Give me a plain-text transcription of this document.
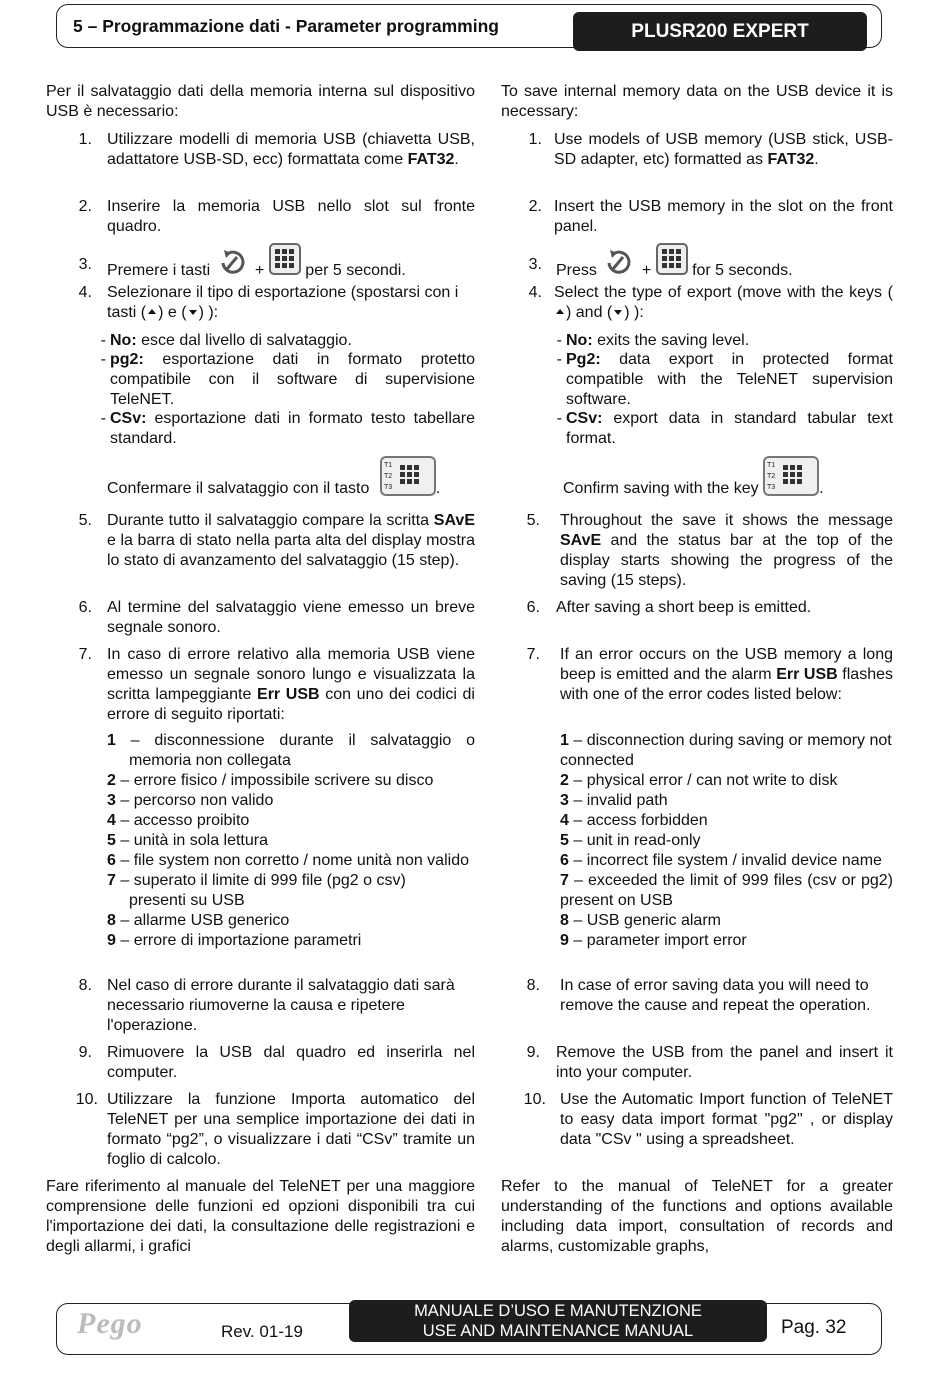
5 – Programmazione dati - Parameter programming	PLUSR200 EXPERT

Per il salvataggio dati della memoria interna sul dispositivo USB è necessario:

1. Utilizzare modelli di memoria USB (chiavetta USB, adattatore USB-SD, ecc) formattata come FAT32.

2. Inserire la memoria USB nello slot sul fronte quadro.

3. Premere i tasti	+	per 5 secondi.

4. Selezionare il tipo di esportazione (spostarsi con i tasti ( ) e ( ) ):

- No: esce dal livello di salvataggio.

- pg2: esportazione dati in formato protetto compatibile con il software di supervisione TeleNET.

- CSv: esportazione dati in formato testo tabellare standard.

Confermare il salvataggio con il tasto
T1
T2
T3	.

5. Durante tutto il salvataggio compare la scritta SAvE e la barra di stato nella parta alta del display mostra lo stato di avanzamento del salvataggio (15 step).

6. Al termine del salvataggio viene emesso un breve segnale sonoro.

7. In caso di errore relativo alla memoria USB viene emesso un segnale sonoro lungo e visualizzata la scritta lampeggiante Err USB con uno dei codici di errore di seguito riportati:

1 – disconnessione durante il salvataggio o memoria non collegata

2 – errore fisico / impossibile scrivere su disco

3 – percorso non valido

4 – accesso proibito

5 – unità in sola lettura

6 – file system non corretto / nome unità non valido

7 – superato il limite di 999 file (pg2 o csv) presenti su USB

8 – allarme USB generico

9 – errore di importazione parametri

8. Nel caso di errore durante il salvataggio dati sarà necessario riumoverne la causa e ripetere l'operazione.

9. Rimuovere la USB dal quadro ed inserirla nel computer.

10. Utilizzare la funzione Importa automatico del TeleNET per una semplice importazione dei dati in formato “pg2”, o visualizzare i dati “CSv” tramite un foglio di calcolo.

Fare riferimento al manuale del TeleNET per una maggiore comprensione delle funzioni ed opzioni disponibili tra cui l'importazione dei dati, la consultazione delle registrazioni e degli allarmi, i grafici

To save internal memory data on the USB device it is necessary:

1. Use models of USB memory (USB stick, USB-SD adapter, etc) formatted as FAT32.

2. Insert the USB memory in the slot on the front panel.

3. Press	+	for 5 seconds.

4. Select the type of export (move with the keys () and ( ) ):

- No: exits the saving level.

- Pg2: data export in protected format compatible with the TeleNET supervision software.

- CSv: export data in standard tabular text format.

Confirm saving with the key
T1
T2
T3	.

5. Throughout the save it shows the message SAvE and the status bar at the top of the display starts showing the progress of the saving (15 steps).

6. After saving a short beep is emitted.

7. If an error occurs on the USB memory a long beep is emitted and the alarm Err USB flashes with one of the error codes listed below:

1 – disconnection during saving or memory not connected

2 – physical error / can not write to disk

3 – invalid path

4 – access forbidden

5 – unit in read-only

6 – incorrect file system / invalid device name

7 – exceeded the limit of 999 files (csv or pg2) present on USB

8 – USB generic alarm

9 – parameter import error

8. In case of error saving data you will need to remove the cause and repeat the operation.

9. Remove the USB from the panel and insert it into your computer.

10. Use the Automatic Import function of TeleNET to easy data import format "pg2" , or display data "CSv " using a spreadsheet.

Refer to the manual of TeleNET for a greater understanding of the functions and options available including data import, consultation of records and alarms, customizable graphs,

Pego	Rev. 01-19
MANUALE D’USO E MANUTENZIONE
USE AND MAINTENANCE MANUAL	Pag. 32
